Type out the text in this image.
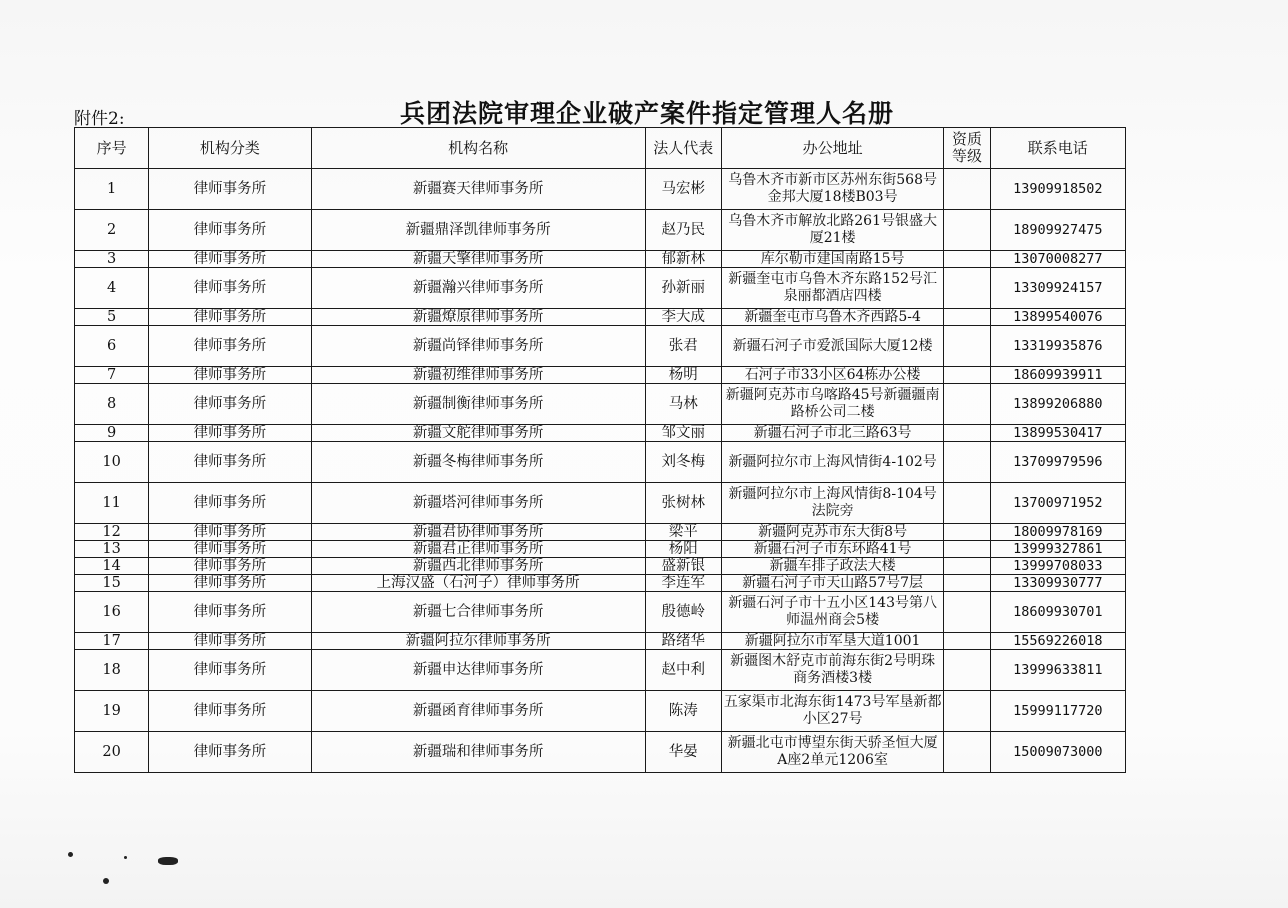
附件2:	兵团法院审理企业破产案件指定管理人名册
序号	机构分类	机构名称	法人代表	办公地址	资质等级	联系电话
1	律师事务所	新疆赛天律师事务所	马宏彬	乌鲁木齐市新市区苏州东街568号金邦大厦18楼B03号		13909918502
2	律师事务所	新疆鼎泽凯律师事务所	赵乃民	乌鲁木齐市解放北路261号银盛大厦21楼		18909927475
3	律师事务所	新疆天擎律师事务所	郁新林	库尔勒市建国南路15号		13070008277
4	律师事务所	新疆瀚兴律师事务所	孙新丽	新疆奎屯市乌鲁木齐东路152号汇泉丽都酒店四楼		13309924157
5	律师事务所	新疆燎原律师事务所	李大成	新疆奎屯市乌鲁木齐西路5-4		13899540076
6	律师事务所	新疆尚铎律师事务所	张君	新疆石河子市爱派国际大厦12楼		13319935876
7	律师事务所	新疆初维律师事务所	杨明	石河子市33小区64栋办公楼		18609939911
8	律师事务所	新疆制衡律师事务所	马林	新疆阿克苏市乌喀路45号新疆疆南路桥公司二楼		13899206880
9	律师事务所	新疆文舵律师事务所	邹文丽	新疆石河子市北三路63号		13899530417
10	律师事务所	新疆冬梅律师事务所	刘冬梅	新疆阿拉尔市上海风情街4-102号		13709979596
11	律师事务所	新疆塔河律师事务所	张树林	新疆阿拉尔市上海风情街8-104号法院旁		13700971952
12	律师事务所	新疆君协律师事务所	梁平	新疆阿克苏市东大街8号		18009978169
13	律师事务所	新疆君正律师事务所	杨阳	新疆石河子市东环路41号		13999327861
14	律师事务所	新疆西北律师事务所	盛新银	新疆车排子政法大楼		13999708033
15	律师事务所	上海汉盛（石河子）律师事务所	李连军	新疆石河子市天山路57号7层		13309930777
16	律师事务所	新疆七合律师事务所	殷德岭	新疆石河子市十五小区143号第八师温州商会5楼		18609930701
17	律师事务所	新疆阿拉尔律师事务所	路绪华	新疆阿拉尔市军垦大道1001		15569226018
18	律师事务所	新疆申达律师事务所	赵中利	新疆图木舒克市前海东街2号明珠商务酒楼3楼		13999633811
19	律师事务所	新疆函育律师事务所	陈涛	五家渠市北海东街1473号军垦新都小区27号		15999117720
20	律师事务所	新疆瑞和律师事务所	华晏	新疆北屯市博望东街天骄圣恒大厦A座2单元1206室		15009073000
